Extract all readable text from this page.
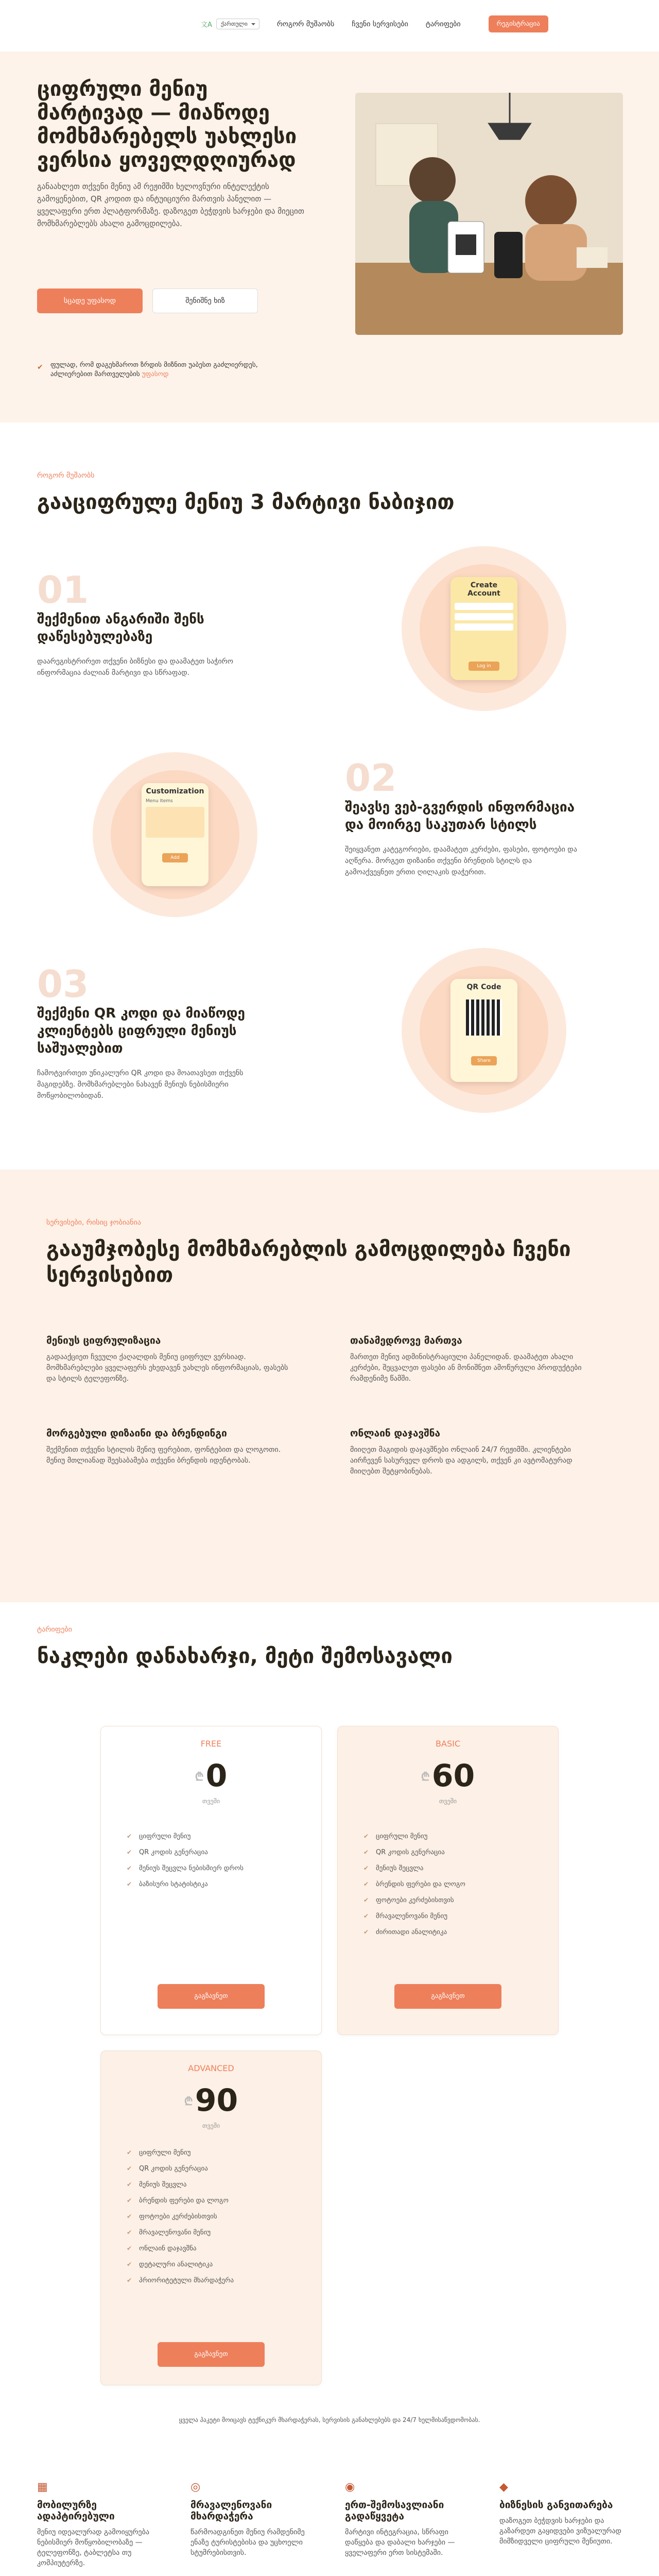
文A	ქართული	როგორ მუშაობს ჩვენი სერვისები ტარიფები	რეგისტრაცია
ციფრული მენიუ მარტივად — მიაწოდე მომხმარებელს უახლესი ვერსია ყოველდღიურად

განაახლეთ თქვენი მენიუ ამ რეჟიმში ხელოვნური ინტელექტის გამოყენებით, QR კოდით და ინტუიციური მართვის პანელით — ყველაფერი ერთ პლატფორმაზე. დაზოგეთ ბეჭდვის ხარჯები და მიეცით მომხმარებლებს ახალი გამოცდილება.

სცადე უფასოდ	შენიშნე ხიზ
✔ ფულად, რომ დაგეხმაროთ ზრდის მიზნით უაბესთ გაძლიერდეს, აძლიერებით მართველების უფასოდ
როგორ მუშაობს
გააციფრულე მენიუ 3 მარტივი ნაბიჯით
01
შექმენით ანგარიში შენს დაწესებულებაზე

დაარეგისტრირეთ თქვენი ბიზნესი და დაამატეთ საჭირო ინფორმაცია ძალიან მარტივი და სწრაფად.

Create Account
Log in
Customization
Menu Items
Add
02
შეავსე ვებ-გვერდის ინფორმაცია და მოირგე საკუთარ სტილს

შეიყვანეთ კატეგორიები, დაამატეთ კერძები, ფასები, ფოტოები და აღწერა. მორგეთ დიზაინი თქვენი ბრენდის სტილს და გამოაქვეყნეთ ერთი ღილაკის დაჭერით.

03
შექმენი QR კოდი და მიაწოდე კლიენტებს ციფრული მენიუს საშუალებით

ჩამოტვირთეთ უნიკალური QR კოდი და მოათავსეთ თქვენს მაგიდებზე. მომხმარებლები ნახავენ მენიუს ნებისმიერი მოწყობილობიდან.

QR Code
Share
სერვისები, რისიც ჯობიანია
გააუმჯობესე მომხმარებლის გამოცდილება ჩვენი სერვისებით
მენიუს ციფრულიზაცია

გადააქციეთ ჩვეული ქაღალდის მენიუ ციფრულ ვერსიად. მომხმარებლები ყველაფერს ეხედავენ უახლეს ინფორმაციას, ფასებს და სტილს ტელეფონზე.

თანამედროვე მართვა

მართეთ მენიუ ადმინისტრაციული პანელიდან. დაამატეთ ახალი კერძები, შეცვალეთ ფასები ან მონიშნეთ ამოწურული პროდუქტები რამდენიმე წამში.

მორგებული დიზაინი და ბრენდინგი

შექმენით თქვენი სტილის მენიუ ფერებით, ფონტებით და ლოგოთი. მენიუ მთლიანად შეესაბამება თქვენი ბრენდის იდენტობას.

ონლაინ დაჯავშნა

მიიღეთ მაგიდის დაჯავშნები ონლაინ 24/7 რეჟიმში. კლიენტები აირჩევენ სასურველ დროს და ადგილს, თქვენ კი ავტომატურად მიიღებთ შეტყობინებას.

ტარიფები
ნაკლები დანახარჯი, მეტი შემოსავალი
FREE
₾0
თვეში
✔ ციფრული მენიუ
✔ QR კოდის გენერაცია
✔ მენიუს შეცვლა ნებისმიერ დროს
✔ ბაზისური სტატისტიკა
გაგზავნეთ
BASIC
₾60
თვეში
✔ ციფრული მენიუ
✔ QR კოდის გენერაცია
✔ მენიუს შეცვლა
✔ ბრენდის ფერები და ლოგო
✔ ფოტოები კერძებისთვის
✔ მრავალენოვანი მენიუ
✔ ძირითადი ანალიტიკა
გაგზავნეთ
ADVANCED
₾90
თვეში
✔ ციფრული მენიუ
✔ QR კოდის გენერაცია
✔ მენიუს შეცვლა
✔ ბრენდის ფერები და ლოგო
✔ ფოტოები კერძებისთვის
✔ მრავალენოვანი მენიუ
✔ ონლაინ დაჯავშნა
✔ დეტალური ანალიტიკა
✔ პრიორიტეტული მხარდაჭერა
გაგზავნეთ
ყველა პაკეტი მოიცავს ტექნიკურ მხარდაჭერას, სერვისის განახლებებს და 24/7 ხელმისაწვდომობას.
▦
მობილურზე ადაპტირებული

მენიუ იდეალურად გამოიყურება ნებისმიერ მოწყობილობაზე — ტელეფონზე, ტაბლეტსა თუ კომპიუტერზე.

◎
მრავალენოვანი მხარდაჭერა

წარმოადგინეთ მენიუ რამდენიმე ენაზე ტურისტებისა და უცხოელი სტუმრებისთვის.

◉
ერთ-შემოსავლიანი გადაწყვეტა

მარტივი ინტეგრაცია, სწრაფი დაწყება და დაბალი ხარჯები — ყველაფერი ერთ სისტემაში.

◆
ბიზნესის განვითარება

დაზოგეთ ბეჭდვის ხარჯები და გაზარდეთ გაყიდვები ვიზუალურად მიმზიდველი ციფრული მენიუთი.
